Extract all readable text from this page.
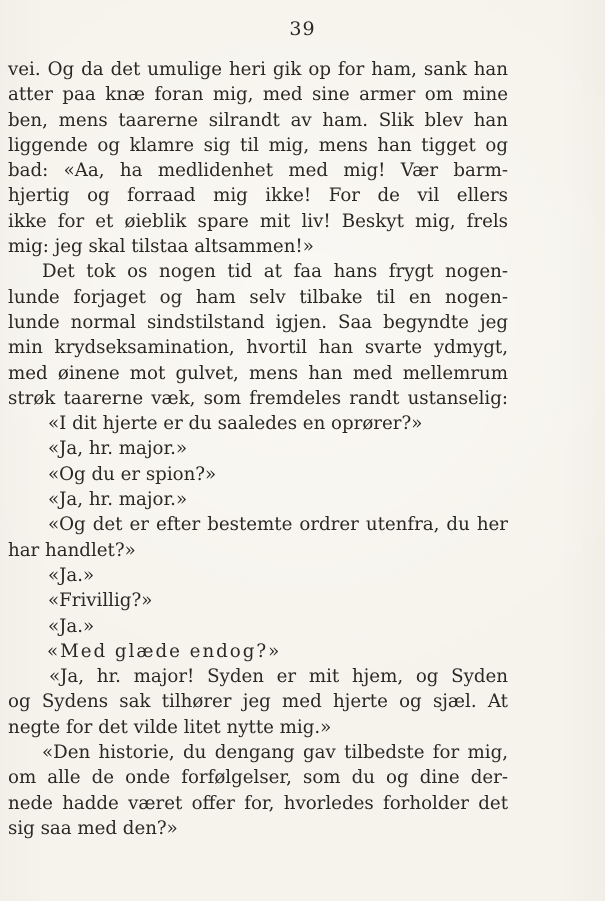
39
vei. Og da det umulige heri gik op for ham, sank han
atter paa knæ foran mig, med sine armer om mine
ben, mens taarerne silrandt av ham. Slik blev han
liggende og klamre sig til mig, mens han tigget og
bad: «Aa, ha medlidenhet med mig! Vær barm-
hjertig og forraad mig ikke! For de vil ellers
ikke for et øieblik spare mit liv! Beskyt mig, frels
mig: jeg skal tilstaa altsammen!»
Det tok os nogen tid at faa hans frygt nogen-
lunde forjaget og ham selv tilbake til en nogen-
lunde normal sindstilstand igjen. Saa begyndte jeg
min krydseksamination, hvortil han svarte ydmygt,
med øinene mot gulvet, mens han med mellemrum
strøk taarerne væk, som fremdeles randt ustanselig:
«I dit hjerte er du saaledes en oprører?»
«Ja, hr. major.»
«Og du er spion?»
«Ja, hr. major.»
«Og det er efter bestemte ordrer utenfra, du her
har handlet?»
«Ja.»
«Frivillig?»
«Ja.»
«Med glæde endog?»
«Ja, hr. major! Syden er mit hjem, og Syden
og Sydens sak tilhører jeg med hjerte og sjæl. At
negte for det vilde litet nytte mig.»
«Den historie, du dengang gav tilbedste for mig,
om alle de onde forfølgelser, som du og dine der-
nede hadde været offer for, hvorledes forholder det
sig saa med den?»
